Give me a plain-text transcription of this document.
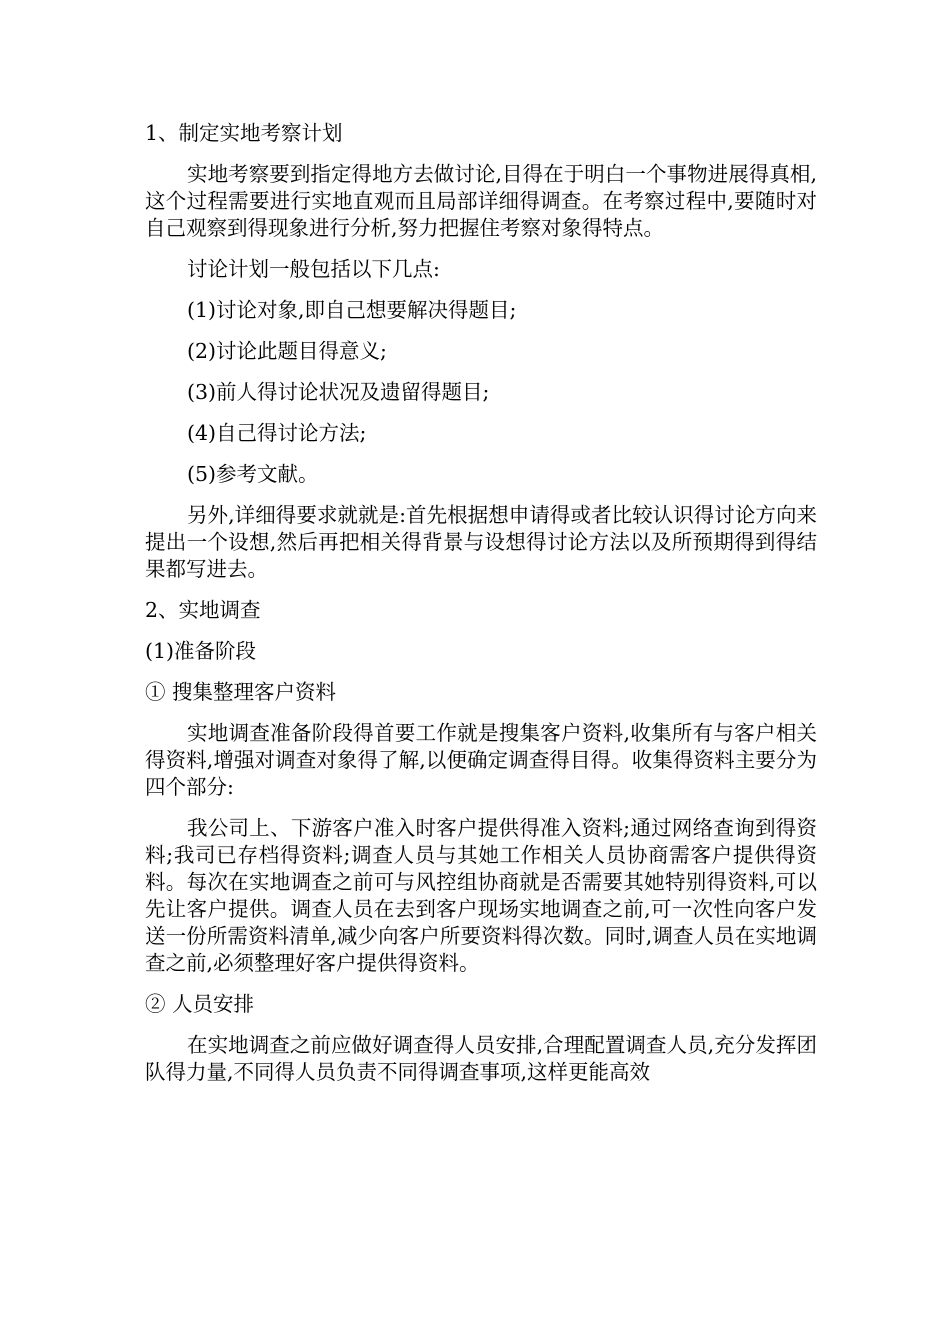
1、制定实地考察计划

实地考察要到指定得地方去做讨论,目得在于明白一个事物进展得真相,这个过程需要进行实地直观而且局部详细得调查。在考察过程中,要随时对自己观察到得现象进行分析,努力把握住考察对象得特点。

讨论计划一般包括以下几点:

(1)讨论对象,即自己想要解决得题目;

(2)讨论此题目得意义;

(3)前人得讨论状况及遗留得题目;

(4)自己得讨论方法;

(5)参考文献。

另外,详细得要求就就是:首先根据想申请得或者比较认识得讨论方向来提出一个设想,然后再把相关得背景与设想得讨论方法以及所预期得到得结果都写进去。

2、实地调查

(1)准备阶段

① 搜集整理客户资料

实地调查准备阶段得首要工作就是搜集客户资料,收集所有与客户相关得资料,增强对调查对象得了解,以便确定调查得目得。收集得资料主要分为四个部分:

我公司上、下游客户准入时客户提供得准入资料;通过网络查询到得资料;我司已存档得资料;调查人员与其她工作相关人员协商需客户提供得资料。每次在实地调查之前可与风控组协商就是否需要其她特别得资料,可以先让客户提供。调查人员在去到客户现场实地调查之前,可一次性向客户发送一份所需资料清单,减少向客户所要资料得次数。同时,调查人员在实地调查之前,必须整理好客户提供得资料。

② 人员安排

在实地调查之前应做好调查得人员安排,合理配置调查人员,充分发挥团队得力量,不同得人员负责不同得调查事项,这样更能高效
